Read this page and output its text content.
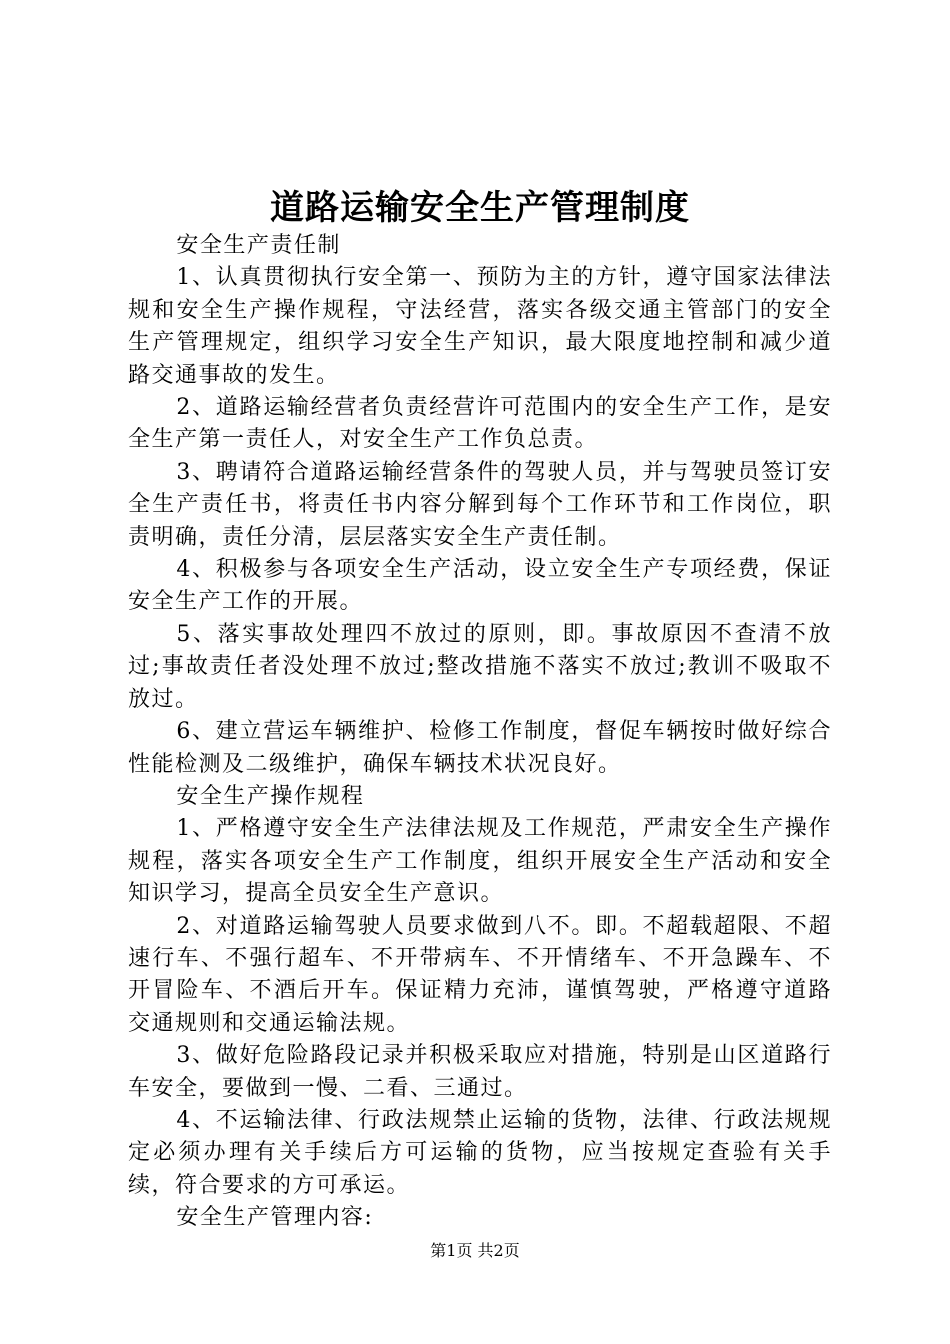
道路运输安全生产管理制度

安全生产责任制

1、认真贯彻执行安全第一、预防为主的方针，遵守国家法律法规和安全生产操作规程，守法经营，落实各级交通主管部门的安全生产管理规定，组织学习安全生产知识，最大限度地控制和减少道路交通事故的发生。

2、道路运输经营者负责经营许可范围内的安全生产工作，是安全生产第一责任人，对安全生产工作负总责。

3、聘请符合道路运输经营条件的驾驶人员，并与驾驶员签订安全生产责任书，将责任书内容分解到每个工作环节和工作岗位，职责明确，责任分清，层层落实安全生产责任制。

4、积极参与各项安全生产活动，设立安全生产专项经费，保证安全生产工作的开展。

5、落实事故处理四不放过的原则，即。事故原因不查清不放过;事故责任者没处理不放过;整改措施不落实不放过;教训不吸取不放过。

6、建立营运车辆维护、检修工作制度，督促车辆按时做好综合性能检测及二级维护，确保车辆技术状况良好。

安全生产操作规程

1、严格遵守安全生产法律法规及工作规范，严肃安全生产操作规程，落实各项安全生产工作制度，组织开展安全生产活动和安全知识学习，提高全员安全生产意识。

2、对道路运输驾驶人员要求做到八不。即。不超载超限、不超速行车、不强行超车、不开带病车、不开情绪车、不开急躁车、不开冒险车、不酒后开车。保证精力充沛，谨慎驾驶，严格遵守道路交通规则和交通运输法规。

3、做好危险路段记录并积极采取应对措施，特别是山区道路行车安全，要做到一慢、二看、三通过。

4、不运输法律、行政法规禁止运输的货物，法律、行政法规规定必须办理有关手续后方可运输的货物，应当按规定查验有关手续，符合要求的方可承运。

安全生产管理内容:

第1页 共2页
